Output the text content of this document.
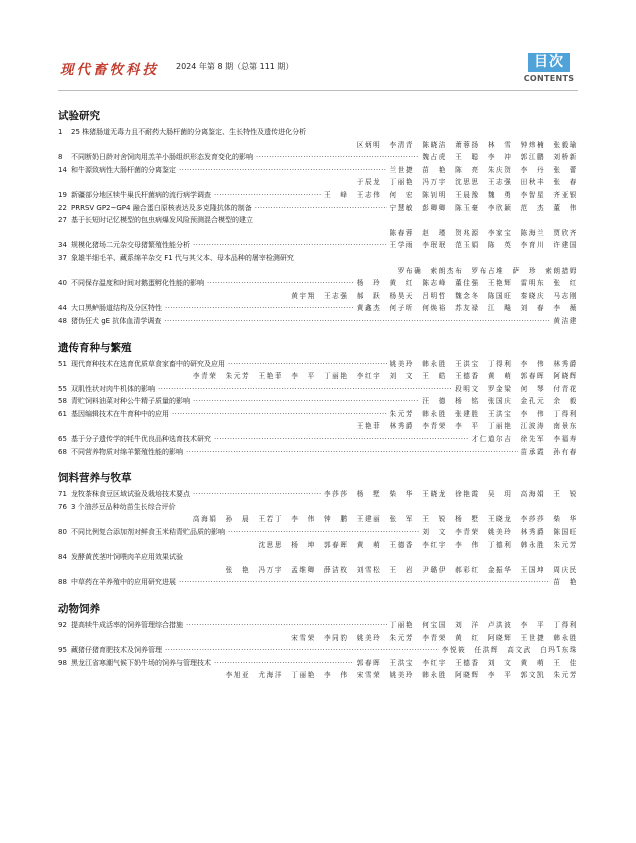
现代畜牧科技 2024 年第 8 期（总第 111 期）	目次
CONTENTS
试验研究
1	25 株猪肠道无毒力且不耐药大肠杆菌的分离鉴定、生长特性及遗传进化分析
区炳明　李清青　陈晓洁　萧蓉扬　林　雪　钟炜楠　张毅瑜
8	不同断奶日龄对舍饲肉用羔羊小肠组织形态发育变化的影响 ·····	魏占虎　王　聪　李　冲　郭江鹏　刘桥新
14 和牛源致病性大肠杆菌的分离鉴定 ·····	兰世捷　苗　艳　陈　亮　朱庆贺　李　丹　张　蕾
于辰龙　丁丽艳　冯万宇　沈思思　王志强　田秋丰　张　春
19 新疆部分地区犊牛巢氏杆菌病的流行病学调查 ·····	王　峰　王志伟　何　宏　陈钊明　王晨豫　魏　勇　李智星　齐亚银
22 PRRSV GP2~GP4 融合蛋白原核表达及多克隆抗体的制备 ·····	宁慧敏　彭卿卿　陈玉豪　李欣颖　范　杰　董　伟
27 基于长短时记忆模型的包虫病爆发风险预测混合模型的建立
陈春蓉　赵　瑾　贺兆源　李家宝　陈海兰　贾欣齐
34 规模化猪场二元杂交母猪繁殖性能分析 ·····	王学雨　李珉珉　范玉娟　陈　英　李育川　许建国
37 象雄半细毛羊、藏系绵羊杂交 F1 代与其父本、母本品种的屠宰检测研究
罗布确　索朗杰布　罗布占堆　萨　珍　索朗措姆
40 不同保存温度和时间对鹅蛋孵化性能的影响 ·····	杨　玲　黄　红　陈志峰　董佳强　王艳辉　雷明东　张　红
黄宇翔　王志强　郝　跃　杨昊天　吕明哲　魏念冬　陈国旺　秦晓庆　马志刚
44 大口黑鲈肠道结构及分区特性 ·····	黄鑫杰　何子昕　何焕裕　苏友禄　江　飚　刘　春　李　薇
48 猪伪狂犬 gE 抗体血清学调查 ·····	黄洁建
遗传育种与繁殖
51 现代育种技术在选育优质草食家畜中的研究及应用 ·····	姚美玲　韩永胜　王洪宝　丁得利　李　伟　林秀爵
李青荣　朱元芳　王艳菲　李　平　丁丽艳　李红宇　刘　文　王　皓　王德香　黄　萌　郭春晖　阿晓辉
55 双肌性状对肉牛机体的影响 ·····	段明文　罗金梁　何　琴　付青花
58 青贮饲料油菜对种公牛精子质量的影响 ·····	汪　德　杨　铭　张国庆　金孔元　余　毅
61 基因编辑技术在牛育种中的应用 ·····	朱元芳　韩永胜　张建胜　王洪宝　李　伟　丁得利
王艳菲　林秀爵　李青荣　李　平　丁丽艳　江波涛　南景东
65 基于分子遗传学的牦牛优良品种选育技术研究 ·····	才仁道尔吉　徐先军　李福寿
68 不同营养物质对绵羊繁殖性能的影响 ·····	苗承霞　孙有春
饲料营养与牧草
71 龙牧茶秣食豆区域试验及栽培技术要点 ·····	李莎莎　杨　墅　柴　华　王晓龙　徐艳霞　吴　玥　高海娟　王　锐
76 3 个油莎豆品种幼苗生长综合评价
高海娟　孙　晨　王若丁　李　伟　钟　鹏　王建丽　张　军　王　锐　杨　墅　王晓龙　李莎莎　柴　华
80 不同比例复合添加剂对鲜食玉米秸青贮品质的影响 ·····	刘　文　李青荣　姚美玲　林秀爵　陈国旺
沈思思　杨　坤　郭春晖　黄　萌　王德香　李红宇　李　伟　丁德利　韩永胜　朱元芳
84 发酵黄芪茎叶饲喂肉羊应用效果试验
张　艳　冯万宇　孟维卿　薛洁枚　刘雪松　王　岩　尹璐伊　郝彩红　金振华　王国坤　周庆民
88 中草药在羊养殖中的应用研究进展 ·····	苗　艳
动物饲养
92 提高犊牛成活率的饲养管理综合措施 ·····	丁丽艳　何宝国　刘　洋　卢洪波　李　平　丁得利
宋雪荣　李同豹　姚美玲　朱元芳　李青荣　黄　红　阿晓辉　王世捷　韩永胜
95 藏猪仔猪育肥技术及饲养管理 ·····	李悦筱　任洪辉　高文武　白玛โ东珠
98 黑龙江省寒潮气候下奶牛场的饲养与管理技术 ·····	郭春晖　王洪宝　李红宇　王德香　刘　文　黄　萌　王　佳
李旭亚　尤海洋　丁丽艳　李　伟　宋雪荣　姚美玲　韩永胜　阿晓辉　李　平　郭文凯　朱元芳
